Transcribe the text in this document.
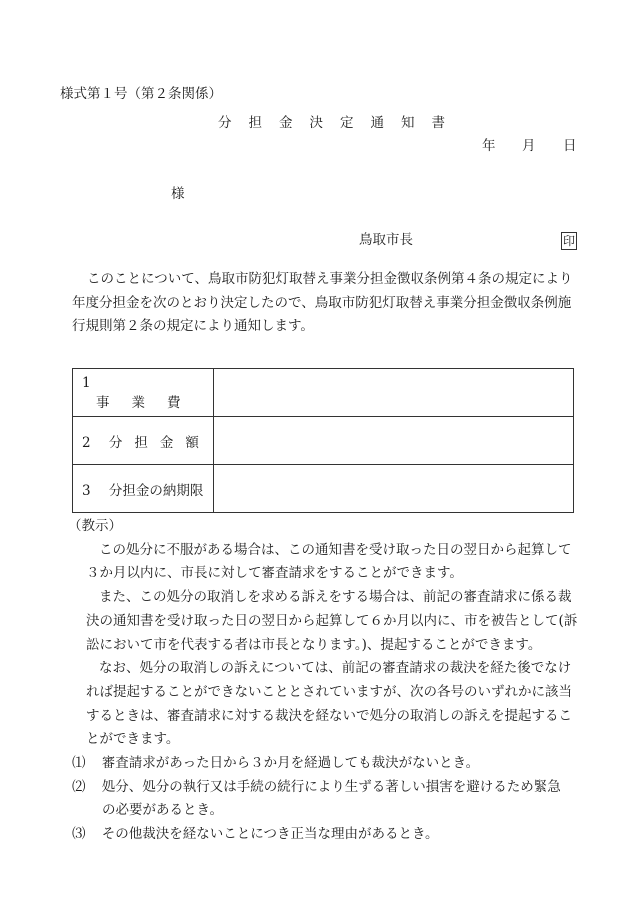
様式第１号（第２条関係）
分担金決定通知書
年 月 日
様
鳥取市長	印

このことについて、鳥取市防犯灯取替え事業分担金徴収条例第４条の規定により

年度分担金を次のとおり決定したので、鳥取市防犯灯取替え事業分担金徴収条例施

行規則第２条の規定により通知します。

1 事業費	
2 分担金額	
3 分担金の納期限	

（教示）

この処分に不服がある場合は、この通知書を受け取った日の翌日から起算して

３か月以内に、市長に対して審査請求をすることができます。

また、この処分の取消しを求める訴えをする場合は、前記の審査請求に係る裁

決の通知書を受け取った日の翌日から起算して６か月以内に、市を被告として(訴

訟において市を代表する者は市長となります。)、提起することができます。

なお、処分の取消しの訴えについては、前記の審査請求の裁決を経た後でなけ

れば提起することができないこととされていますが、次の各号のいずれかに該当

するときは、審査請求に対する裁決を経ないで処分の取消しの訴えを提起するこ

とができます。

⑴ 審査請求があった日から３か月を経過しても裁決がないとき。

⑵ 処分、処分の執行又は手続の続行により生ずる著しい損害を避けるため緊急

の必要があるとき。

⑶ その他裁決を経ないことにつき正当な理由があるとき。
